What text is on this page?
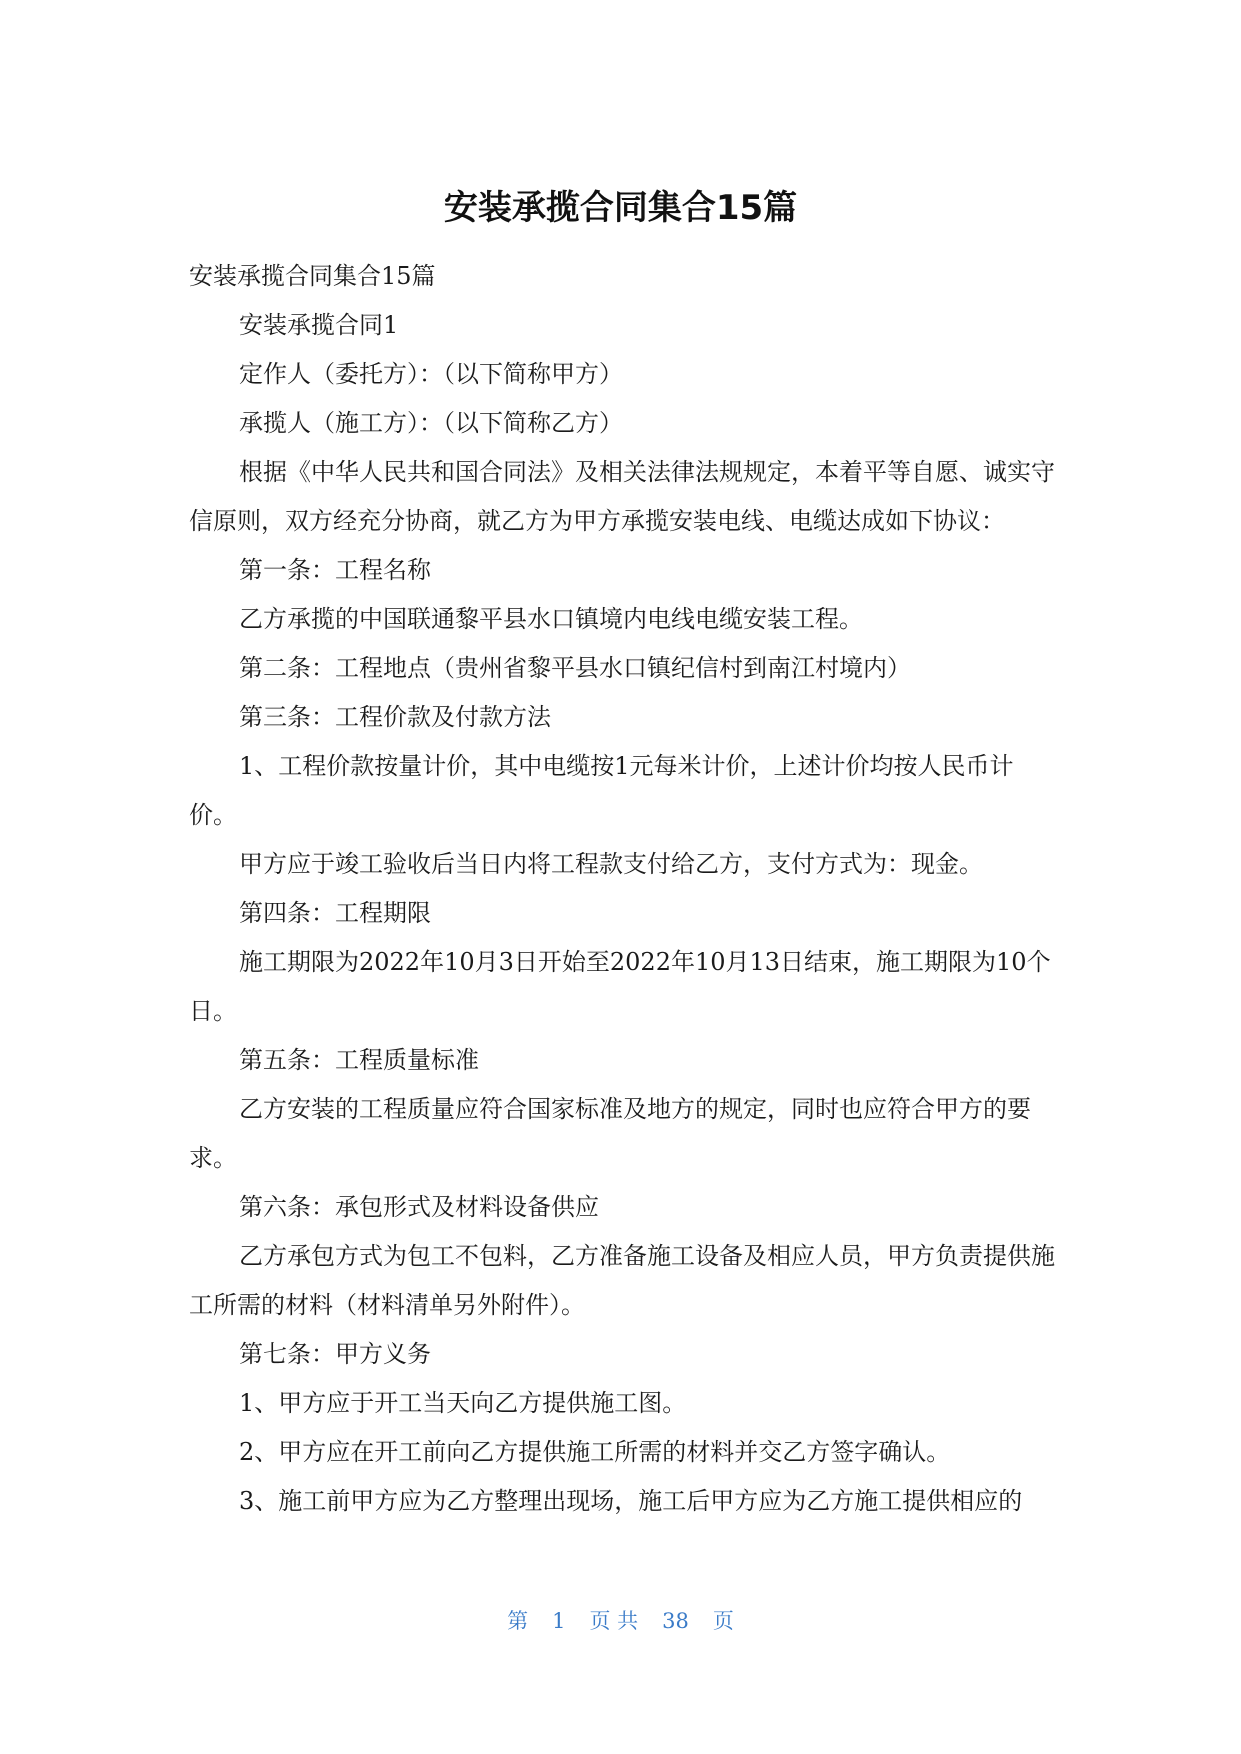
安装承揽合同集合15篇

安装承揽合同集合15篇

安装承揽合同1

定作人（委托方）：（以下简称甲方）

承揽人（施工方）：（以下简称乙方）

根据《中华人民共和国合同法》及相关法律法规规定，本着平等自愿、诚实守信原则，双方经充分协商，就乙方为甲方承揽安装电线、电缆达成如下协议：

第一条：工程名称

乙方承揽的中国联通黎平县水口镇境内电线电缆安装工程。

第二条：工程地点（贵州省黎平县水口镇纪信村到南江村境内）

第三条：工程价款及付款方法

1、工程价款按量计价，其中电缆按1元每米计价，上述计价均按人民币计价。

甲方应于竣工验收后当日内将工程款支付给乙方，支付方式为：现金。

第四条：工程期限

施工期限为2022年10月3日开始至2022年10月13日结束，施工期限为10个日。

第五条：工程质量标准

乙方安装的工程质量应符合国家标准及地方的规定，同时也应符合甲方的要求。

第六条：承包形式及材料设备供应

乙方承包方式为包工不包料，乙方准备施工设备及相应人员，甲方负责提供施工所需的材料（材料清单另外附件）。

第七条：甲方义务

1、甲方应于开工当天向乙方提供施工图。

2、甲方应在开工前向乙方提供施工所需的材料并交乙方签字确认。

3、施工前甲方应为乙方整理出现场，施工后甲方应为乙方施工提供相应的

第 1 页 共 38 页
